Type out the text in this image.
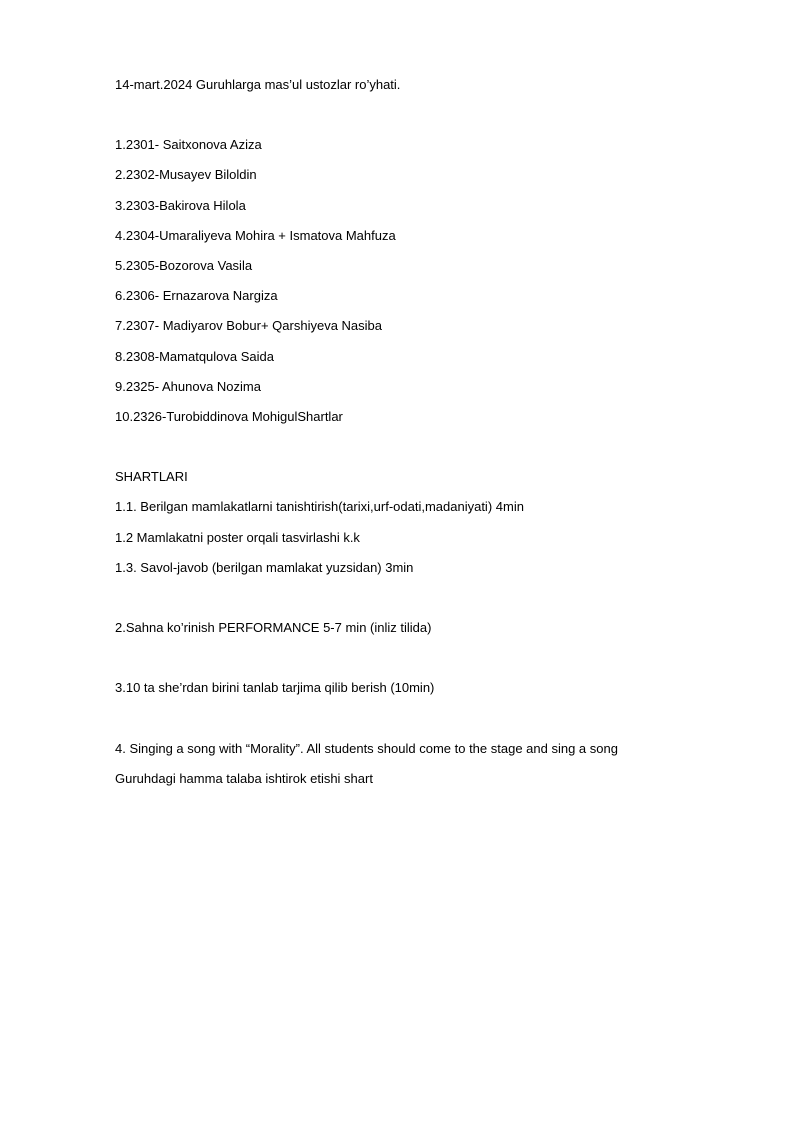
14-mart.2024 Guruhlarga mas’ul ustozlar ro’yhati.
1.2301- Saitxonova Aziza
2.2302-Musayev Biloldin
3.2303-Bakirova Hilola
4.2304-Umaraliyeva Mohira + Ismatova Mahfuza
5.2305-Bozorova Vasila
6.2306- Ernazarova Nargiza
7.2307- Madiyarov Bobur+ Qarshiyeva Nasiba
8.2308-Mamatqulova Saida
9.2325- Ahunova Nozima
10.2326-Turobiddinova MohigulShartlar
SHARTLARI
1.1. Berilgan mamlakatlarni tanishtirish(tarixi,urf-odati,madaniyati) 4min
1.2 Mamlakatni poster orqali tasvirlashi k.k
1.3. Savol-javob (berilgan mamlakat yuzsidan) 3min
2.Sahna ko’rinish PERFORMANCE 5-7 min (inliz tilida)
3.10 ta she’rdan birini tanlab tarjima qilib berish (10min)
4. Singing a song with “Morality”. All students should come to the stage and sing a song
Guruhdagi hamma talaba ishtirok etishi shart
